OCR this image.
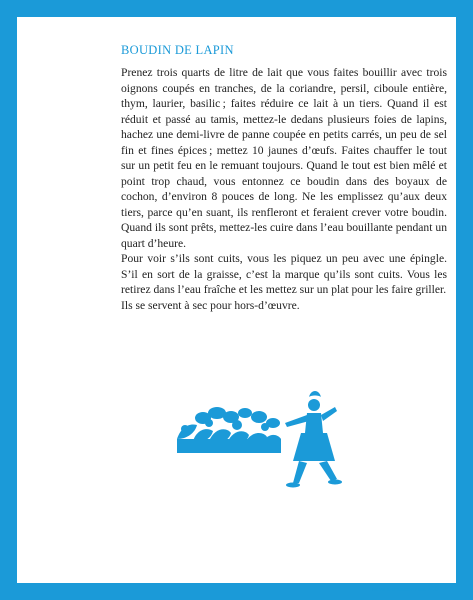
BOUDIN DE LAPIN

Prenez trois quarts de litre de lait que vous faites bouillir avec trois oignons coupés en tranches, de la coriandre, persil, ciboule entière, thym, laurier, basilic ; faites réduire ce lait à un tiers. Quand il est réduit et passé au tamis, mettez-le dedans plusieurs foies de lapins, hachez une demi-livre de panne coupée en petits carrés, un peu de sel fin et fines épices ; mettez 10 jaunes d’œufs. Faites chauffer le tout sur un petit feu en le remuant toujours. Quand le tout est bien mêlé et point trop chaud, vous entonnez ce boudin dans des boyaux de cochon, d’environ 8 pouces de long. Ne les emplissez qu’aux deux tiers, parce qu’en suant, ils renfleront et feraient crever votre boudin. Quand ils sont prêts, mettez-les cuire dans l’eau bouillante pendant un quart d’heure.

Pour voir s’ils sont cuits, vous les piquez un peu avec une épingle. S’il en sort de la graisse, c’est la marque qu’ils sont cuits. Vous les retirez dans l’eau fraîche et les mettez sur un plat pour les faire griller.

Ils se servent à sec pour hors-d’œuvre.

RÉVEIL D'ESCOFFIER 26
